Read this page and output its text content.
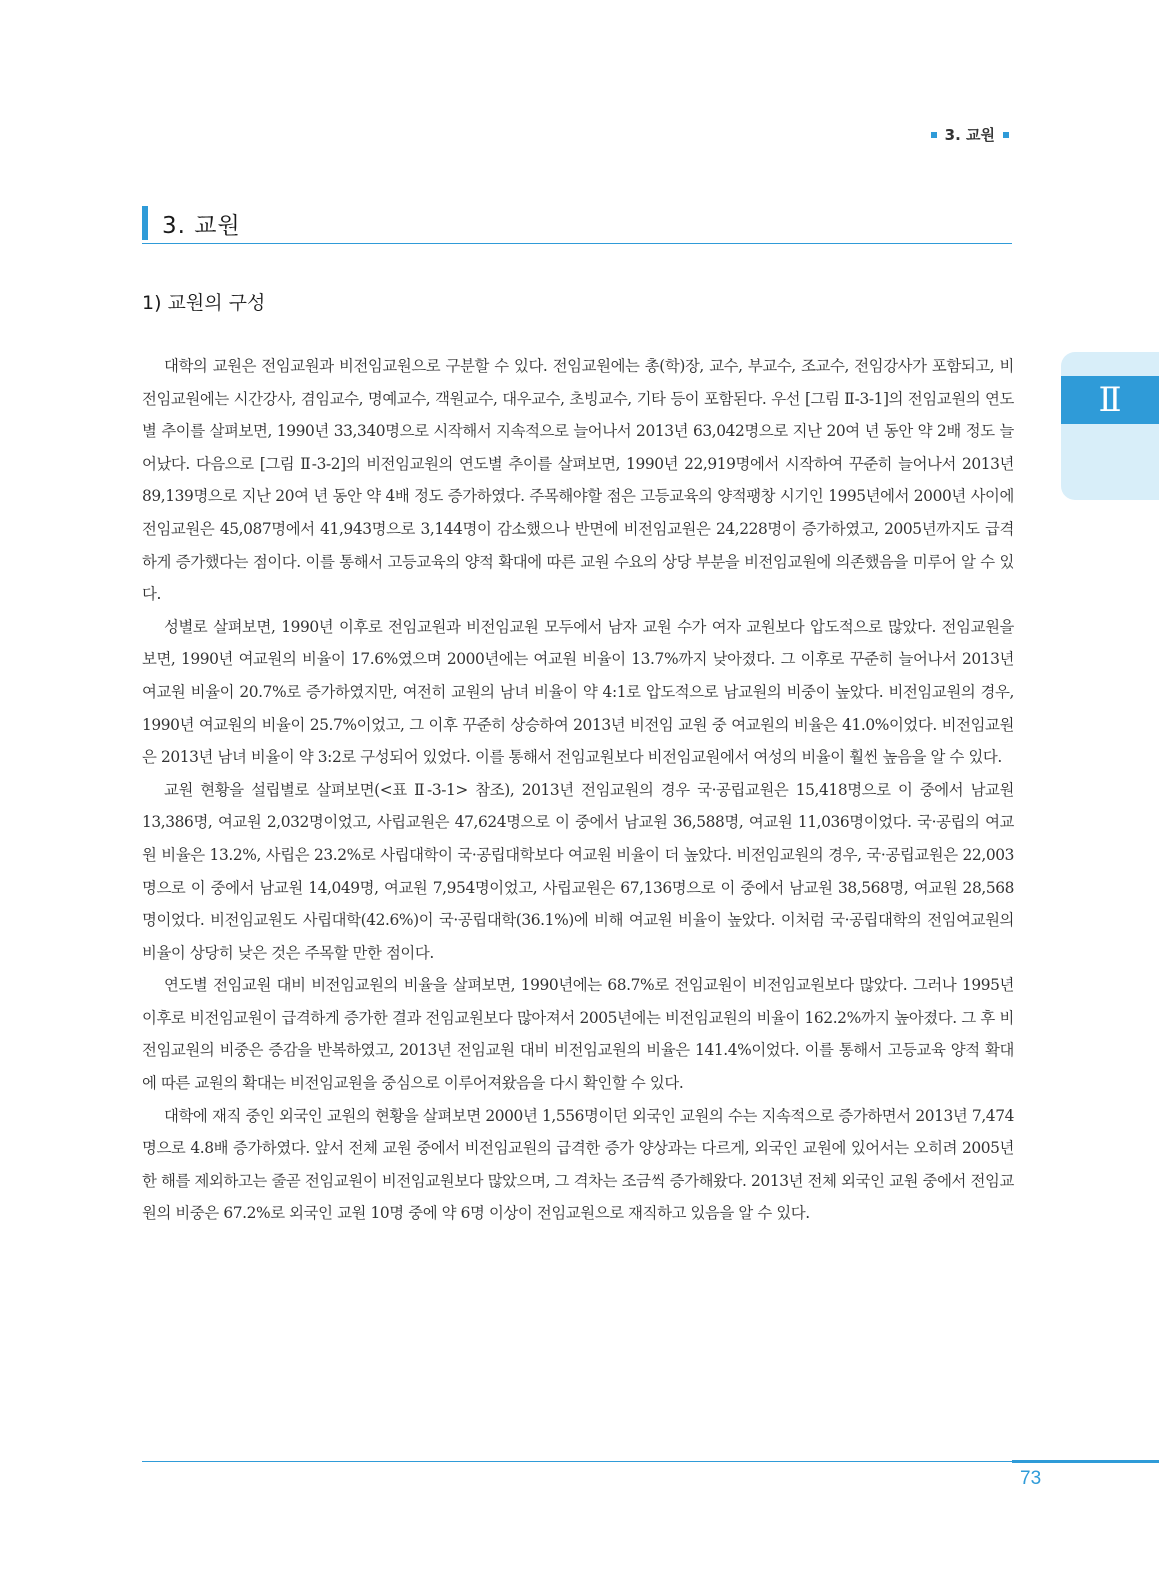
3. 교원
3. 교원
1) 교원의 구성
Ⅱ

대학의 교원은 전임교원과 비전임교원으로 구분할 수 있다. 전임교원에는 총(학)장, 교수, 부교수, 조교수, 전임강사가 포함되고, 비전임교원에는 시간강사, 겸임교수, 명예교수, 객원교수, 대우교수, 초빙교수, 기타 등이 포함된다. 우선 [그림 Ⅱ-3-1]의 전임교원의 연도별 추이를 살펴보면, 1990년 33,340명으로 시작해서 지속적으로 늘어나서 2013년 63,042명으로 지난 20여 년 동안 약 2배 정도 늘어났다. 다음으로 [그림 Ⅱ-3-2]의 비전임교원의 연도별 추이를 살펴보면, 1990년 22,919명에서 시작하여 꾸준히 늘어나서 2013년 89,139명으로 지난 20여 년 동안 약 4배 정도 증가하였다. 주목해야할 점은 고등교육의 양적팽창 시기인 1995년에서 2000년 사이에 전임교원은 45,087명에서 41,943명으로 3,144명이 감소했으나 반면에 비전임교원은 24,228명이 증가하였고, 2005년까지도 급격하게 증가했다는 점이다. 이를 통해서 고등교육의 양적 확대에 따른 교원 수요의 상당 부분을 비전임교원에 의존했음을 미루어 알 수 있다.

성별로 살펴보면, 1990년 이후로 전임교원과 비전임교원 모두에서 남자 교원 수가 여자 교원보다 압도적으로 많았다. 전임교원을 보면, 1990년 여교원의 비율이 17.6%였으며 2000년에는 여교원 비율이 13.7%까지 낮아졌다. 그 이후로 꾸준히 늘어나서 2013년 여교원 비율이 20.7%로 증가하였지만, 여전히 교원의 남녀 비율이 약 4:1로 압도적으로 남교원의 비중이 높았다. 비전임교원의 경우, 1990년 여교원의 비율이 25.7%이었고, 그 이후 꾸준히 상승하여 2013년 비전임 교원 중 여교원의 비율은 41.0%이었다. 비전임교원은 2013년 남녀 비율이 약 3:2로 구성되어 있었다. 이를 통해서 전임교원보다 비전임교원에서 여성의 비율이 훨씬 높음을 알 수 있다.

교원 현황을 설립별로 살펴보면(<표 Ⅱ-3-1> 참조), 2013년 전임교원의 경우 국·공립교원은 15,418명으로 이 중에서 남교원 13,386명, 여교원 2,032명이었고, 사립교원은 47,624명으로 이 중에서 남교원 36,588명, 여교원 11,036명이었다. 국·공립의 여교원 비율은 13.2%, 사립은 23.2%로 사립대학이 국·공립대학보다 여교원 비율이 더 높았다. 비전임교원의 경우, 국·공립교원은 22,003명으로 이 중에서 남교원 14,049명, 여교원 7,954명이었고, 사립교원은 67,136명으로 이 중에서 남교원 38,568명, 여교원 28,568명이었다. 비전임교원도 사립대학(42.6%)이 국·공립대학(36.1%)에 비해 여교원 비율이 높았다. 이처럼 국·공립대학의 전임여교원의 비율이 상당히 낮은 것은 주목할 만한 점이다.

연도별 전임교원 대비 비전임교원의 비율을 살펴보면, 1990년에는 68.7%로 전임교원이 비전임교원보다 많았다. 그러나 1995년 이후로 비전임교원이 급격하게 증가한 결과 전임교원보다 많아져서 2005년에는 비전임교원의 비율이 162.2%까지 높아졌다. 그 후 비전임교원의 비중은 증감을 반복하였고, 2013년 전임교원 대비 비전임교원의 비율은 141.4%이었다. 이를 통해서 고등교육 양적 확대에 따른 교원의 확대는 비전임교원을 중심으로 이루어져왔음을 다시 확인할 수 있다.

대학에 재직 중인 외국인 교원의 현황을 살펴보면 2000년 1,556명이던 외국인 교원의 수는 지속적으로 증가하면서 2013년 7,474명으로 4.8배 증가하였다. 앞서 전체 교원 중에서 비전임교원의 급격한 증가 양상과는 다르게, 외국인 교원에 있어서는 오히려 2005년 한 해를 제외하고는 줄곧 전임교원이 비전임교원보다 많았으며, 그 격차는 조금씩 증가해왔다. 2013년 전체 외국인 교원 중에서 전임교원의 비중은 67.2%로 외국인 교원 10명 중에 약 6명 이상이 전임교원으로 재직하고 있음을 알 수 있다.

73
